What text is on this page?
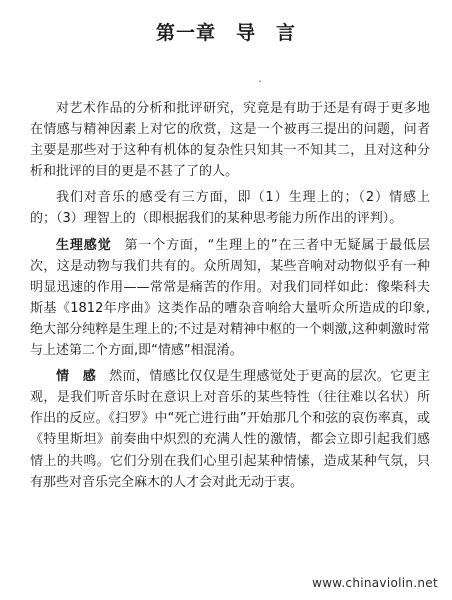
第一章　导　言
ˇ

对艺术作品的分析和批评研究，究竟是有助于还是有碍于更多地在情感与精神因素上对它的欣赏，这是一个被再三提出的问题，问者主要是那些对于这种有机体的复杂性只知其一不知其二，且对这种分析和批评的目的更是不甚了了的人。

我们对音乐的感受有三方面，即（1）生理上的；（2）情感上的；（3）理智上的（即根据我们的某种思考能力所作出的评判）。

生理感觉 第一个方面，“生理上的”在三者中无疑属于最低层次，这是动物与我们共有的。众所周知，某些音响对动物似乎有一种明显迅速的作用——常常是痛苦的作用。对我们同样如此：像柴科夫斯基《1812年序曲》这类作品的嘈杂音响给大量听众所造成的印象,绝大部分纯粹是生理上的;不过是对精神中枢的一个刺激,这种刺激时常与上述第二个方面,即“情感”相混淆。

情　感 然而，情感比仅仅是生理感觉处于更高的层次。它更主观，是我们听音乐时在意识上对音乐的某些特性（往往难以名状）所作出的反应。《扫罗》中“死亡进行曲”开始那几个和弦的哀伤率真，或《特里斯坦》前奏曲中炽烈的充满人性的激情，都会立即引起我们感情上的共鸣。它们分别在我们心里引起某种情愫，造成某种气氛，只有那些对音乐完全麻木的人才会对此无动于衷。

www.chinaviolin.net
